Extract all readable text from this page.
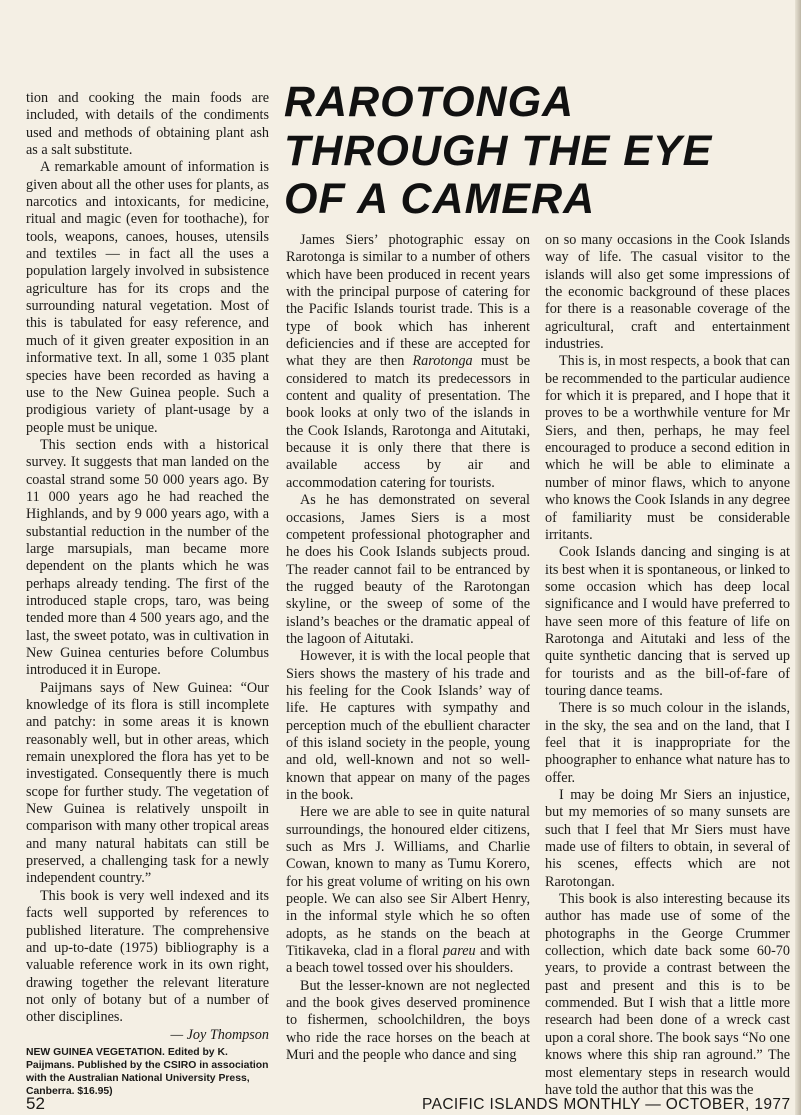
tion and cooking the main foods are included, with details of the condiments used and methods of obtaining plant ash as a salt substitute.

A remarkable amount of information is given about all the other uses for plants, as narcotics and intoxicants, for medicine, ritual and magic (even for toothache), for tools, weapons, canoes, houses, utensils and textiles — in fact all the uses a population largely involved in subsistence agriculture has for its crops and the surrounding natural vegetation. Most of this is tabulated for easy reference, and much of it given greater exposition in an informative text. In all, some 1 035 plant species have been recorded as having a use to the New Guinea people. Such a prodigious variety of plant-usage by a people must be unique.

This section ends with a historical survey. It suggests that man landed on the coastal strand some 50 000 years ago. By 11 000 years ago he had reached the Highlands, and by 9 000 years ago, with a substantial reduction in the number of the large marsupials, man became more dependent on the plants which he was perhaps already tending. The first of the introduced staple crops, taro, was being tended more than 4 500 years ago, and the last, the sweet potato, was in cultivation in New Guinea centuries before Columbus introduced it in Europe.

Paijmans says of New Guinea: “Our knowledge of its flora is still incomplete and patchy: in some areas it is known reasonably well, but in other areas, which remain unexplored the flora has yet to be investigated. Consequently there is much scope for further study. The vegetation of New Guinea is relatively unspoilt in comparison with many other tropical areas and many natural habitats can still be preserved, a challenging task for a newly independent country.”

This book is very well indexed and its facts well supported by references to published literature. The comprehensive and up-to-date (1975) bibliography is a valuable reference work in its own right, drawing together the relevant literature not only of botany but of a number of other disciplines.

— Joy Thompson

NEW GUINEA VEGETATION. Edited by K. Paijmans. Published by the CSIRO in association with the Australian National University Press, Canberra. $16.95)
RAROTONGA
THROUGH THE EYE
OF A CAMERA

James Siers’ photographic essay on Rarotonga is similar to a number of others which have been produced in recent years with the principal purpose of catering for the Pacific Islands tourist trade. This is a type of book which has inherent deficiencies and if these are accepted for what they are then Rarotonga must be considered to match its predecessors in content and quality of presentation. The book looks at only two of the islands in the Cook Islands, Rarotonga and Aitutaki, because it is only there that there is available access by air and accommodation catering for tourists.

As he has demonstrated on several occasions, James Siers is a most competent professional photographer and he does his Cook Islands subjects proud. The reader cannot fail to be entranced by the rugged beauty of the Rarotongan skyline, or the sweep of some of the island’s beaches or the dramatic appeal of the lagoon of Aitutaki.

However, it is with the local people that Siers shows the mastery of his trade and his feeling for the Cook Islands’ way of life. He captures with sympathy and perception much of the ebullient character of this island society in the people, young and old, well-known and not so well-known that appear on many of the pages in the book.

Here we are able to see in quite natural surroundings, the honoured elder citizens, such as Mrs J. Williams, and Charlie Cowan, known to many as Tumu Korero, for his great volume of writing on his own people. We can also see Sir Albert Henry, in the informal style which he so often adopts, as he stands on the beach at Titikaveka, clad in a floral pareu and with a beach towel tossed over his shoulders.

But the lesser-known are not neglected and the book gives deserved prominence to fishermen, schoolchildren, the boys who ride the race horses on the beach at Muri and the people who dance and sing

on so many occasions in the Cook Islands way of life. The casual visitor to the islands will also get some impressions of the economic background of these places for there is a reasonable coverage of the agricultural, craft and entertainment industries.

This is, in most respects, a book that can be recommended to the particular audience for which it is prepared, and I hope that it proves to be a worthwhile venture for Mr Siers, and then, perhaps, he may feel encouraged to produce a second edition in which he will be able to eliminate a number of minor flaws, which to anyone who knows the Cook Islands in any degree of familiarity must be considerable irritants.

Cook Islands dancing and singing is at its best when it is spontaneous, or linked to some occasion which has deep local significance and I would have preferred to have seen more of this feature of life on Rarotonga and Aitutaki and less of the quite synthetic dancing that is served up for tourists and as the bill-of-fare of touring dance teams.

There is so much colour in the islands, in the sky, the sea and on the land, that I feel that it is inappropriate for the phoographer to enhance what nature has to offer.

I may be doing Mr Siers an injustice, but my memories of so many sunsets are such that I feel that Mr Siers must have made use of filters to obtain, in several of his scenes, effects which are not Rarotongan.

This book is also interesting because its author has made use of some of the photographs in the George Crummer collection, which date back some 60-70 years, to provide a contrast between the past and present and this is to be commended. But I wish that a little more research had been done of a wreck cast upon a coral shore. The book says “No one knows where this ship ran aground.” The most elementary steps in research would have told the author that this was the

52	PACIFIC ISLANDS MONTHLY — OCTOBER, 1977
